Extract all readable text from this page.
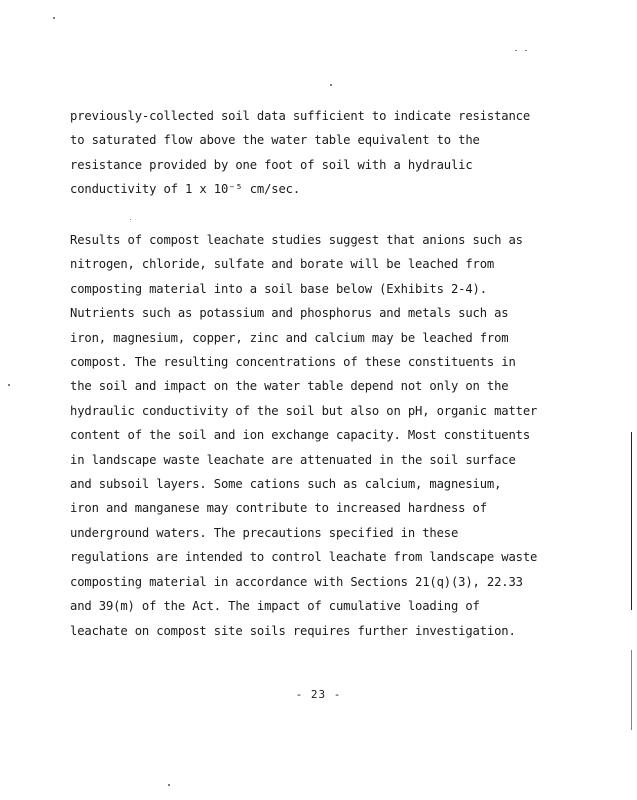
previously-collected soil data sufficient to indicate resistance
to saturated flow above the water table equivalent to the
resistance provided by one foot of soil with a hydraulic
conductivity of 1 x 10⁻⁵ cm/sec.
Results of compost leachate studies suggest that anions such as
nitrogen, chloride, sulfate and borate will be leached from
composting material into a soil base below (Exhibits 2-4).
Nutrients such as potassium and phosphorus and metals such as
iron, magnesium, copper, zinc and calcium may be leached from
compost. The resulting concentrations of these constituents in
the soil and impact on the water table depend not only on the
hydraulic conductivity of the soil but also on pH, organic matter
content of the soil and ion exchange capacity. Most constituents
in landscape waste leachate are attenuated in the soil surface
and subsoil layers. Some cations such as calcium, magnesium,
iron and manganese may contribute to increased hardness of
underground waters. The precautions specified in these
regulations are intended to control leachate from landscape waste
composting material in accordance with Sections 21(q)(3), 22.33
and 39(m) of the Act. The impact of cumulative loading of
leachate on compost site soils requires further investigation.
- 23 -
